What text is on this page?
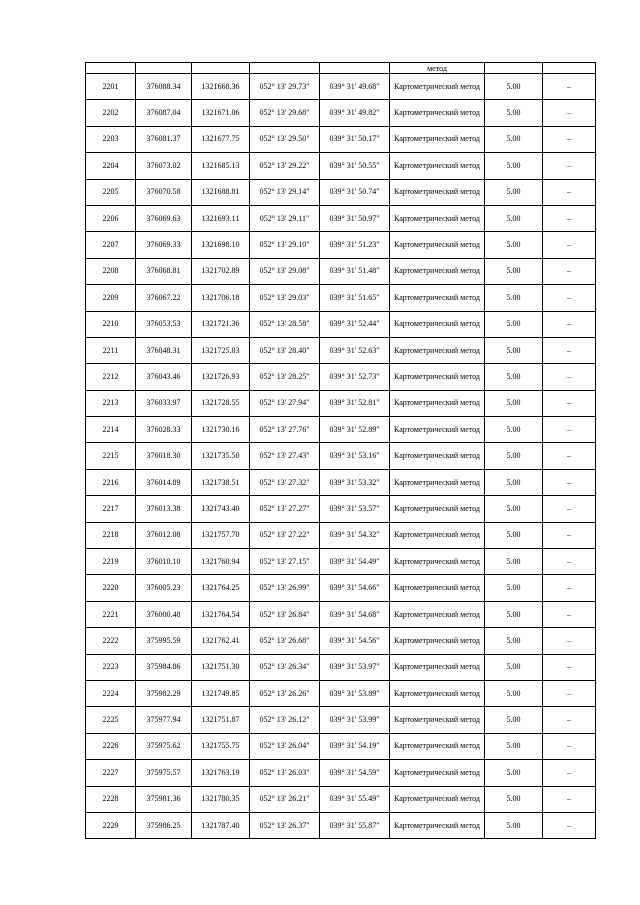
					метод		
2201	376088.34	1321668.36	052° 13' 29.73"	039° 31' 49.68"	Картометрический метод	5.00	–
2202	376087.04	1321671.06	052° 13' 29.68"	039° 31' 49.82"	Картометрический метод	5.00	–
2203	376081.37	1321677.75	052° 13' 29.50"	039° 31' 50.17"	Картометрический метод	5.00	–
2204	376073.02	1321685.13	052° 13' 29.22"	039° 31' 50.55"	Картометрический метод	5.00	–
2205	376070.58	1321688.81	052° 13' 29.14"	039° 31' 50.74"	Картометрический метод	5.00	–
2206	376069.63	1321693.11	052° 13' 29.11"	039° 31' 50.97"	Картометрический метод	5.00	–
2207	376069.33	1321698.10	052° 13' 29.10"	039° 31' 51.23"	Картометрический метод	5.00	–
2208	376068.81	1321702.89	052° 13' 29.08"	039° 31' 51.48"	Картометрический метод	5.00	–
2209	376067.22	1321706.18	052° 13' 29.03"	039° 31' 51.65"	Картометрический метод	5.00	–
2210	376053.53	1321721.36	052° 13' 28.58"	039° 31' 52.44"	Картометрический метод	5.00	–
2211	376048.31	1321725.03	052° 13' 28.40"	039° 31' 52.63"	Картометрический метод	5.00	–
2212	376043.46	1321726.93	052° 13' 28.25"	039° 31' 52.73"	Картометрический метод	5.00	–
2213	376033.97	1321728.55	052° 13' 27.94"	039° 31' 52.81"	Картометрический метод	5.00	–
2214	376028.33	1321730.16	052° 13' 27.76"	039° 31' 52.89"	Картометрический метод	5.00	–
2215	376018.30	1321735.50	052° 13' 27.43"	039° 31' 53.16"	Картометрический метод	5.00	–
2216	376014.89	1321738.51	052° 13' 27.32"	039° 31' 53.32"	Картометрический метод	5.00	–
2217	376013.38	1321743.40	052° 13' 27.27"	039° 31' 53.57"	Картометрический метод	5.00	–
2218	376012.08	1321757.70	052° 13' 27.22"	039° 31' 54.32"	Картометрический метод	5.00	–
2219	376010.10	1321760.94	052° 13' 27.15"	039° 31' 54.49"	Картометрический метод	5.00	–
2220	376005.23	1321764.25	052° 13' 26.99"	039° 31' 54.66"	Картометрический метод	5.00	–
2221	376000.48	1321764.54	052° 13' 26.84"	039° 31' 54.68"	Картометрический метод	5.00	–
2222	375995.59	1321762.41	052° 13' 26.68"	039° 31' 54.56"	Картометрический метод	5.00	–
2223	375984.86	1321751.30	052° 13' 26.34"	039° 31' 53.97"	Картометрический метод	5.00	–
2224	375982.29	1321749.85	052° 13' 26.26"	039° 31' 53.89"	Картометрический метод	5.00	–
2225	375977.94	1321751.87	052° 13' 26.12"	039° 31' 53.99"	Картометрический метод	5.00	–
2226	375975.62	1321755.75	052° 13' 26.04"	039° 31' 54.19"	Картометрический метод	5.00	–
2227	375975.57	1321763.19	052° 13' 26.03"	039° 31' 54.59"	Картометрический метод	5.00	–
2228	375981.36	1321780.35	052° 13' 26.21"	039° 31' 55.49"	Картометрический метод	5.00	–
2229	375986.25	1321787.40	052° 13' 26.37"	039° 31' 55.87"	Картометрический метод	5.00	–
